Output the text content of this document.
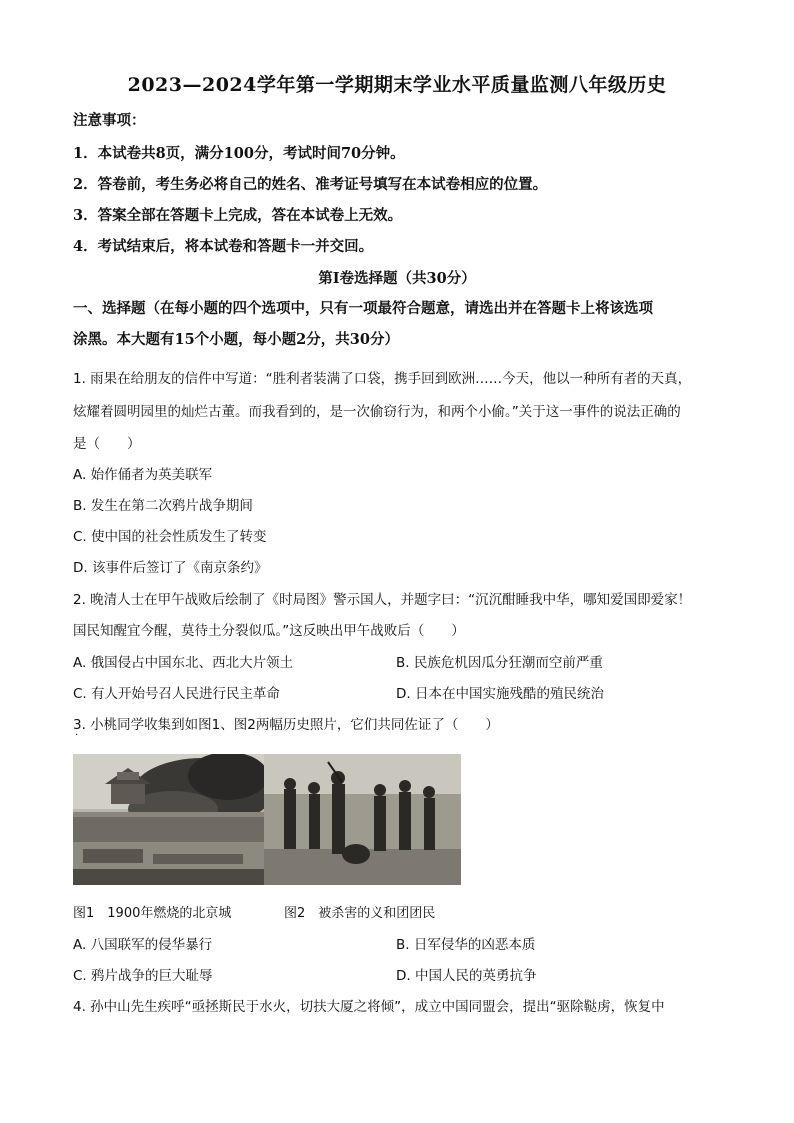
2023—2024学年第一学期期末学业水平质量监测八年级历史
注意事项：
1．本试卷共8页，满分100分，考试时间70分钟。
2．答卷前，考生务必将自己的姓名、准考证号填写在本试卷相应的位置。
3．答案全部在答题卡上完成，答在本试卷上无效。
4．考试结束后，将本试卷和答题卡一并交回。
第Ⅰ卷选择题（共30分）
一、选择题（在每小题的四个选项中，只有一项最符合题意，请选出并在答题卡上将该选项
涂黑。本大题有15个小题，每小题2分，共30分）
1. 雨果在给朋友的信件中写道：“胜利者装满了口袋，携手回到欧洲……今天，他以一种所有者的天真，
炫耀着圆明园里的灿烂古董。而我看到的，是一次偷窃行为，和两个小偷。”关于这一事件的说法正确的
是（　　）
A. 始作俑者为英美联军
B. 发生在第二次鸦片战争期间
C. 使中国的社会性质发生了转变
D. 该事件后签订了《南京条约》
2. 晚清人士在甲午战败后绘制了《时局图》警示国人，并题字曰：“沉沉酣睡我中华，哪知爱国即爱家！
国民知醒宜今醒，莫待土分裂似瓜。”这反映出甲午战败后（　　）
A. 俄国侵占中国东北、西北大片领土	B. 民族危机因瓜分狂潮而空前严重
C. 有人开始号召人民进行民主革命	D. 日本在中国实施残酷的殖民统治
3. 小桃同学收集到如图1、图2两幅历史照片，它们共同佐证了（　　）
·
图1　1900年燃烧的北京城	图2　被杀害的义和团团民
A. 八国联军的侵华暴行	B. 日军侵华的凶恶本质
C. 鸦片战争的巨大耻辱	D. 中国人民的英勇抗争
4. 孙中山先生疾呼“亟拯斯民于水火，切扶大厦之将倾”，成立中国同盟会，提出“驱除鞑虏，恢复中
